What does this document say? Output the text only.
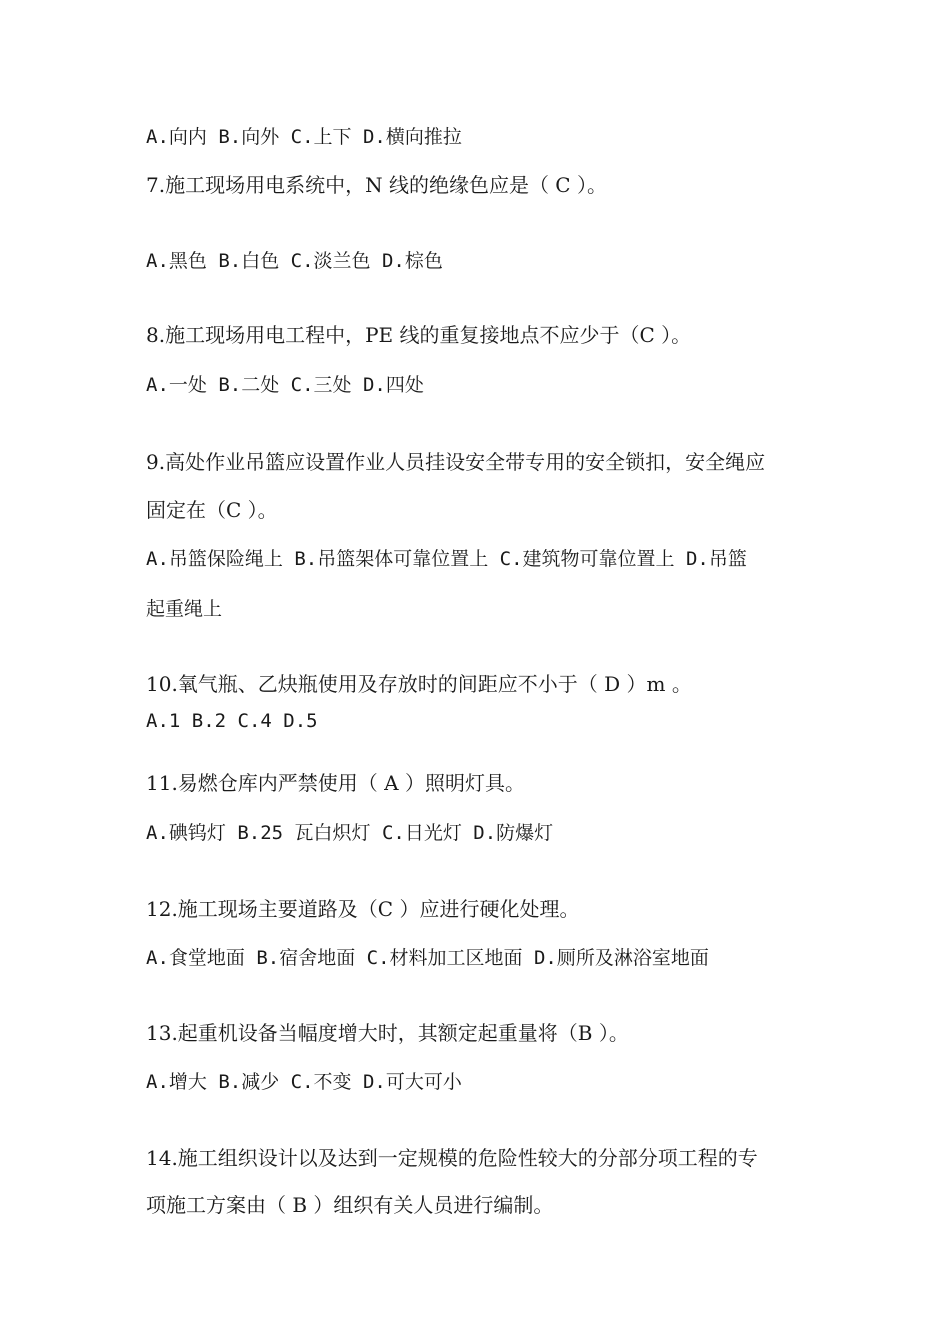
A.向内 B.向外 C.上下 D.横向推拉
7.施工现场用电系统中，N 线的绝缘色应是（ C ）。
A.黑色 B.白色 C.淡兰色 D.棕色
8.施工现场用电工程中，PE 线的重复接地点不应少于（C ）。
A.一处 B.二处 C.三处 D.四处
9.高处作业吊篮应设置作业人员挂设安全带专用的安全锁扣，安全绳应
固定在（C ）。
A.吊篮保险绳上 B.吊篮架体可靠位置上 C.建筑物可靠位置上 D.吊篮
起重绳上
10.氧气瓶、乙炔瓶使用及存放时的间距应不小于（ D ）m 。
A.1 B.2 C.4 D.5
11.易燃仓库内严禁使用（ A ）照明灯具。
A.碘钨灯 B.25 瓦白炽灯 C.日光灯 D.防爆灯
12.施工现场主要道路及（C ）应进行硬化处理。
A.食堂地面 B.宿舍地面 C.材料加工区地面 D.厕所及淋浴室地面
13.起重机设备当幅度增大时，其额定起重量将（B ）。
A.增大 B.减少 C.不变 D.可大可小
14.施工组织设计以及达到一定规模的危险性较大的分部分项工程的专
项施工方案由（ B ）组织有关人员进行编制。
